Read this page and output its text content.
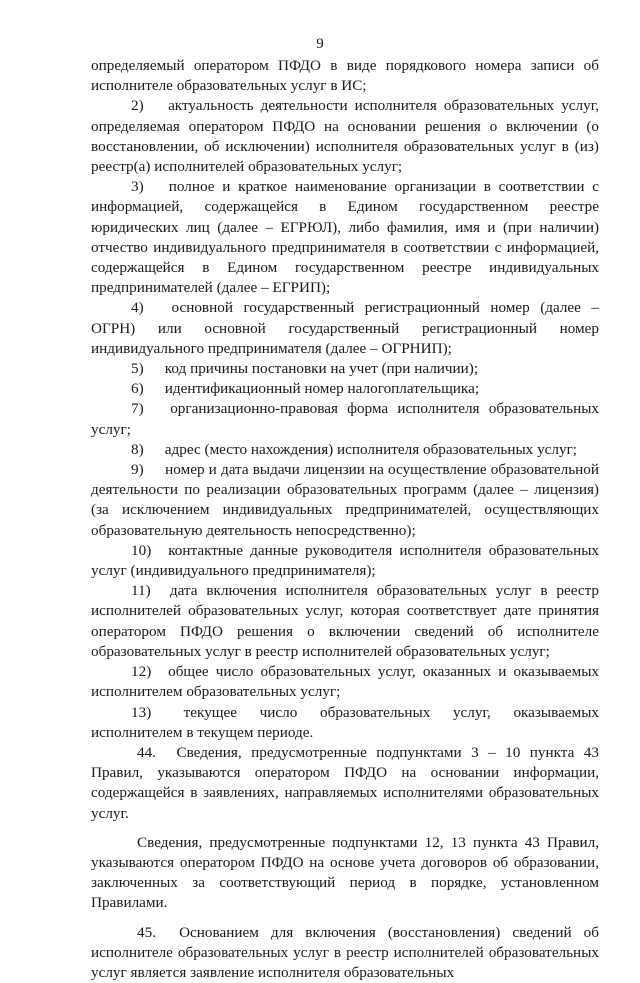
9

определяемый оператором ПФДО в виде порядкового номера записи об исполнителе образовательных услуг в ИС;

2) актуальность деятельности исполнителя образовательных услуг, определяемая оператором ПФДО на основании решения о включении (о восстановлении, об исключении) исполнителя образовательных услуг в (из) реестр(а) исполнителей образовательных услуг;

3) полное и краткое наименование организации в соответствии с информацией, содержащейся в Едином государственном реестре юридических лиц (далее – ЕГРЮЛ), либо фамилия, имя и (при наличии) отчество индивидуального предпринимателя в соответствии с информацией, содержащейся в Едином государственном реестре индивидуальных предпринимателей (далее – ЕГРИП);

4) основной государственный регистрационный номер (далее – ОГРН) или основной государственный регистрационный номер индивидуального предпринимателя (далее – ОГРНИП);

5) код причины постановки на учет (при наличии);

6) идентификационный номер налогоплательщика;

7) организационно-правовая форма исполнителя образовательных услуг;

8) адрес (место нахождения) исполнителя образовательных услуг;

9) номер и дата выдачи лицензии на осуществление образовательной деятельности по реализации образовательных программ (далее – лицензия) (за исключением индивидуальных предпринимателей, осуществляющих образовательную деятельность непосредственно);

10) контактные данные руководителя исполнителя образовательных услуг (индивидуального предпринимателя);

11) дата включения исполнителя образовательных услуг в реестр исполнителей образовательных услуг, которая соответствует дате принятия оператором ПФДО решения о включении сведений об исполнителе образовательных услуг в реестр исполнителей образовательных услуг;

12) общее число образовательных услуг, оказанных и оказываемых исполнителем образовательных услуг;

13) текущее число образовательных услуг, оказываемых исполнителем в текущем периоде.

44. Сведения, предусмотренные подпунктами 3 – 10 пункта 43 Правил, указываются оператором ПФДО на основании информации, содержащейся в заявлениях, направляемых исполнителями образовательных услуг.

Сведения, предусмотренные подпунктами 12, 13 пункта 43 Правил, указываются оператором ПФДО на основе учета договоров об образовании, заключенных за соответствующий период в порядке, установленном Правилами.

45. Основанием для включения (восстановления) сведений об исполнителе образовательных услуг в реестр исполнителей образовательных услуг является заявление исполнителя образовательных
